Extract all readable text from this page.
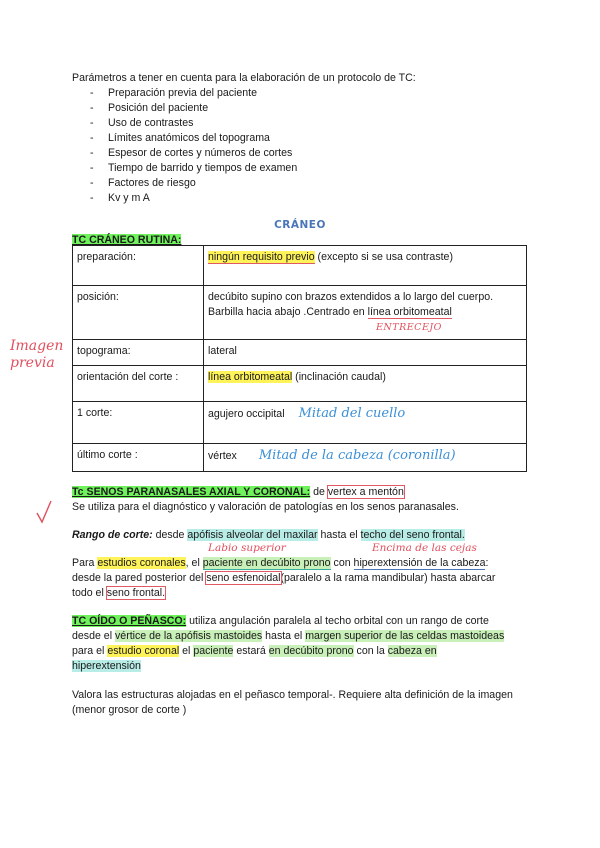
Parámetros a tener en cuenta para la elaboración de un protocolo de TC:
- Preparación previa del paciente
- Posición del paciente
- Uso de contrastes
- Límites anatómicos del topograma
- Espesor de cortes y números de cortes
- Tiempo de barrido y tiempos de examen
- Factores de riesgo
- Kv y m A
CRÁNEO
TC CRÁNEO RUTINA:
preparación:	ningún requisito previo (excepto si se usa contraste)
posición:	decúbito supino con brazos extendidos a lo largo del cuerpo.
Barbilla hacia abajo .Centrado en línea orbitomeatal
ENTRECEJO

topograma:	lateral
orientación del corte :	línea orbitomeatal (inclinación caudal)
1 corte:	agujero occipital Mitad del cuello
último corte :	vértex Mitad de la cabeza (coronilla)
Imagen previa
Tc SENOS PARANASALES AXIAL Y CORONAL: de vertex a mentón
Se utiliza para el diagnóstico y valoración de patologías en los senos paranasales.
Rango de corte: desde apófisis alveolar del maxilar hasta el techo del seno frontal.
Labio superior	Encima de las cejas
Para estudios coronales, el paciente en decúbito prono con hiperextensión de la cabeza:
desde la pared posterior del seno esfenoidal(paralelo a la rama mandibular) hasta abarcar
todo el seno frontal.
TC OÍDO O PEÑASCO: utiliza angulación paralela al techo orbital con un rango de corte
desde el vértice de la apófisis mastoides hasta el margen superior de las celdas mastoideas
para el estudio coronal el paciente estará en decúbito prono con la cabeza en
hiperextensión
Valora las estructuras alojadas en el peñasco temporal-. Requiere alta definición de la imagen (menor grosor de corte )
